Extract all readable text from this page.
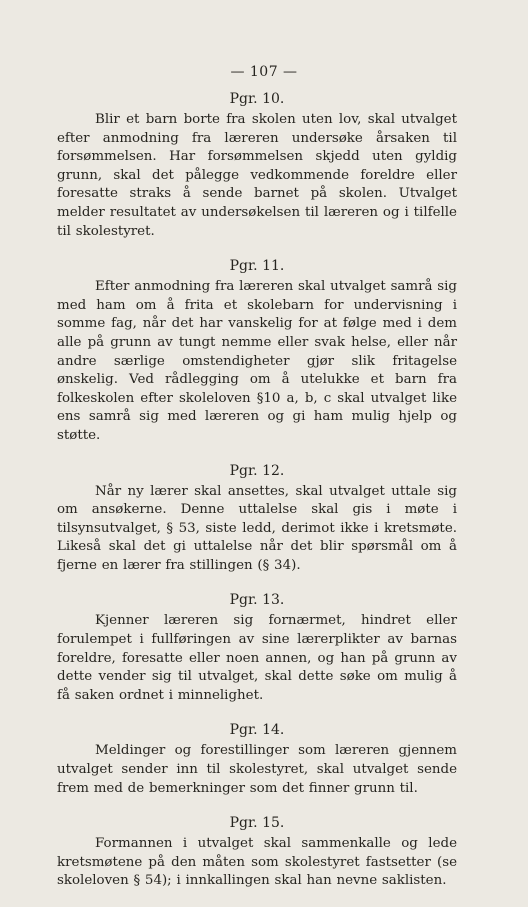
— 107 —
Pgr. 10.

Blir et barn borte fra skolen uten lov, skal utvalget efter anmodning fra læreren undersøke årsaken til forsømmelsen. Har forsømmelsen skjedd uten gyldig grunn, skal det pålegge vedkommende foreldre eller foresatte straks å sende barnet på skolen. Utvalget melder resultatet av undersøkelsen til læreren og i tilfelle til skolestyret.

Pgr. 11.

Efter anmodning fra læreren skal utvalget samrå sig med ham om å frita et skolebarn for undervisning i somme fag, når det har vanskelig for at følge med i dem alle på grunn av tungt nemme eller svak helse, eller når andre særlige omstendigheter gjør slik fritagelse ønskelig. Ved rådlegging om å utelukke et barn fra folkeskolen efter skoleloven §10 a, b, c skal utvalget like ens samrå sig med læreren og gi ham mulig hjelp og støtte.

Pgr. 12.

Når ny lærer skal ansettes, skal utvalget uttale sig om ansøkerne. Denne uttalelse skal gis i møte i tilsynsutvalget, § 53, siste ledd, derimot ikke i kretsmøte. Likeså skal det gi uttalelse når det blir spørsmål om å fjerne en lærer fra stillingen (§ 34).

Pgr. 13.

Kjenner læreren sig fornærmet, hindret eller forulempet i fullføringen av sine lærerplikter av barnas foreldre, foresatte eller noen annen, og han på grunn av dette vender sig til utvalget, skal dette søke om mulig å få saken ordnet i minnelighet.

Pgr. 14.

Meldinger og forestillinger som læreren gjennem utvalget sender inn til skolestyret, skal utvalget sende frem med de bemerkninger som det finner grunn til.

Pgr. 15.

Formannen i utvalget skal sammenkalle og lede kretsmøtene på den måten som skolestyret fastsetter (se skoleloven § 54); i innkallingen skal han nevne saklisten.
